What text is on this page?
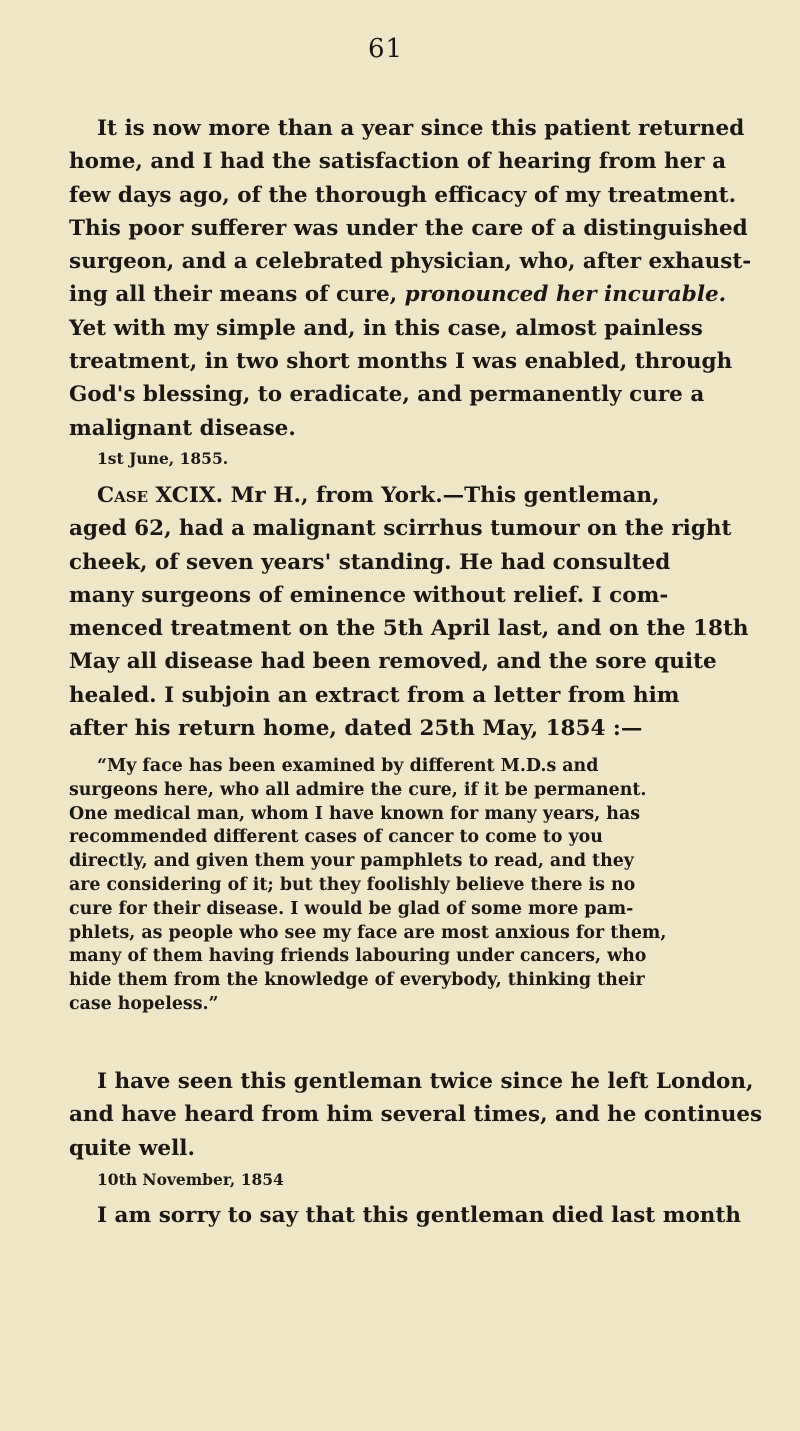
61
It is now more than a year since this patient returned
home, and I had the satisfaction of hearing from her a
few days ago, of the thorough efficacy of my treatment.
This poor sufferer was under the care of a distinguished
surgeon, and a celebrated physician, who, after exhaust-
ing all their means of cure, pronounced her incurable.
Yet with my simple and, in this case, almost painless
treatment, in two short months I was enabled, through
God's blessing, to eradicate, and permanently cure a
malignant disease.
1st June, 1855.
Case XCIX. Mr H., from York.—This gentleman,
aged 62, had a malignant scirrhus tumour on the right
cheek, of seven years' standing. He had consulted
many surgeons of eminence without relief. I com-
menced treatment on the 5th April last, and on the 18th
May all disease had been removed, and the sore quite
healed. I subjoin an extract from a letter from him
after his return home, dated 25th May, 1854 :—
“My face has been examined by different M.D.s and
surgeons here, who all admire the cure, if it be permanent.
One medical man, whom I have known for many years, has
recommended different cases of cancer to come to you
directly, and given them your pamphlets to read, and they
are considering of it; but they foolishly believe there is no
cure for their disease. I would be glad of some more pam-
phlets, as people who see my face are most anxious for them,
many of them having friends labouring under cancers, who
hide them from the knowledge of everybody, thinking their
case hopeless.”
I have seen this gentleman twice since he left London,
and have heard from him several times, and he continues
quite well.
10th November, 1854
I am sorry to say that this gentleman died last month
